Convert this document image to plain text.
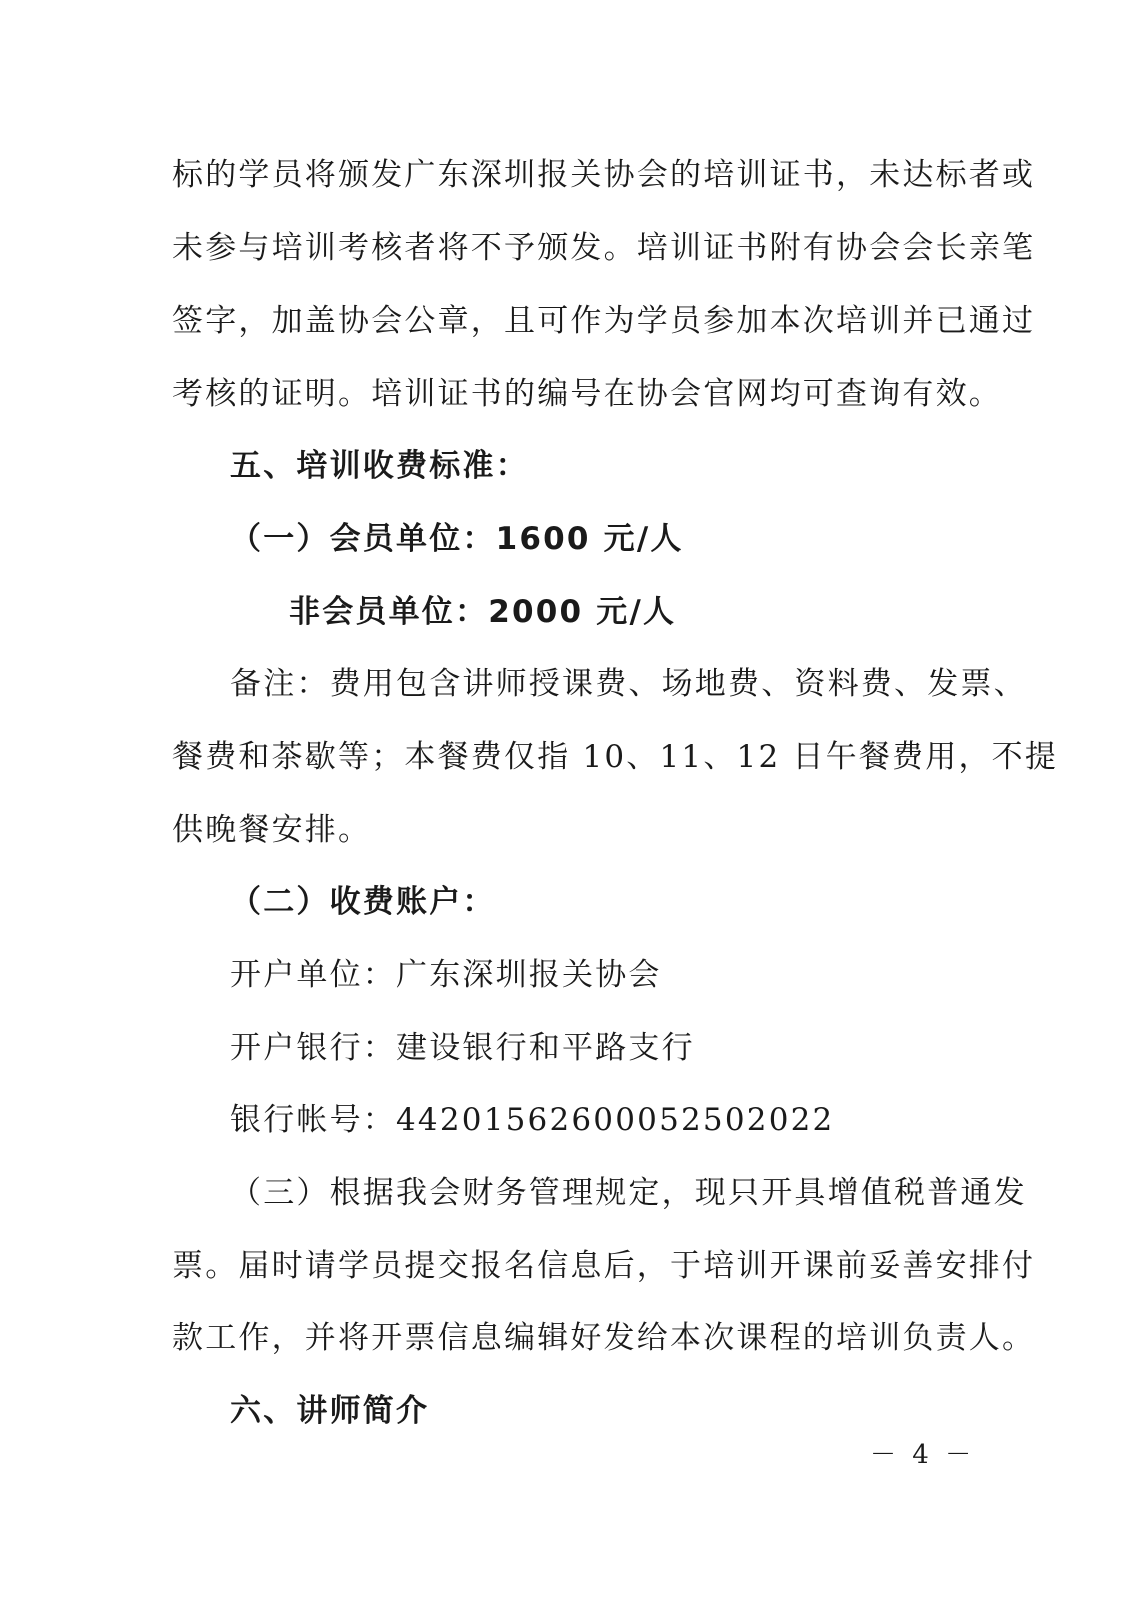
标的学员将颁发广东深圳报关协会的培训证书，未达标者或
未参与培训考核者将不予颁发。培训证书附有协会会长亲笔
签字，加盖协会公章，且可作为学员参加本次培训并已通过
考核的证明。培训证书的编号在协会官网均可查询有效。
五、培训收费标准：
（一）会员单位：1600 元/人
非会员单位：2000 元/人
备注：费用包含讲师授课费、场地费、资料费、发票、
餐费和茶歇等；本餐费仅指 10、11、12 日午餐费用，不提
供晚餐安排。
（二）收费账户：
开户单位：广东深圳报关协会
开户银行：建设银行和平路支行
银行帐号：44201562600052502022
（三）根据我会财务管理规定，现只开具增值税普通发
票。届时请学员提交报名信息后，于培训开课前妥善安排付
款工作，并将开票信息编辑好发给本次课程的培训负责人。
六、讲师简介
－ 4 －
